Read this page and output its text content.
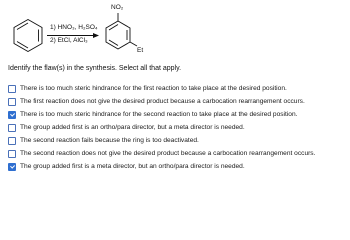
1) HNO₃, H₂SO₄
2) EtCl, AlCl₃
NO₂
Et
Identify the flaw(s) in the synthesis. Select all that apply.
There is too much steric hindrance for the first reaction to take place at the desired position.
The first reaction does not give the desired product because a carbocation rearrangement occurs.
There is too much steric hindrance for the second reaction to take place at the desired position.
The group added first is an ortho/para director, but a meta director is needed.
The second reaction fails because the ring is too deactivated.
The second reaction does not give the desired product because a carbocation rearrangement occurs.
The group added first is a meta director, but an ortho/para director is needed.
